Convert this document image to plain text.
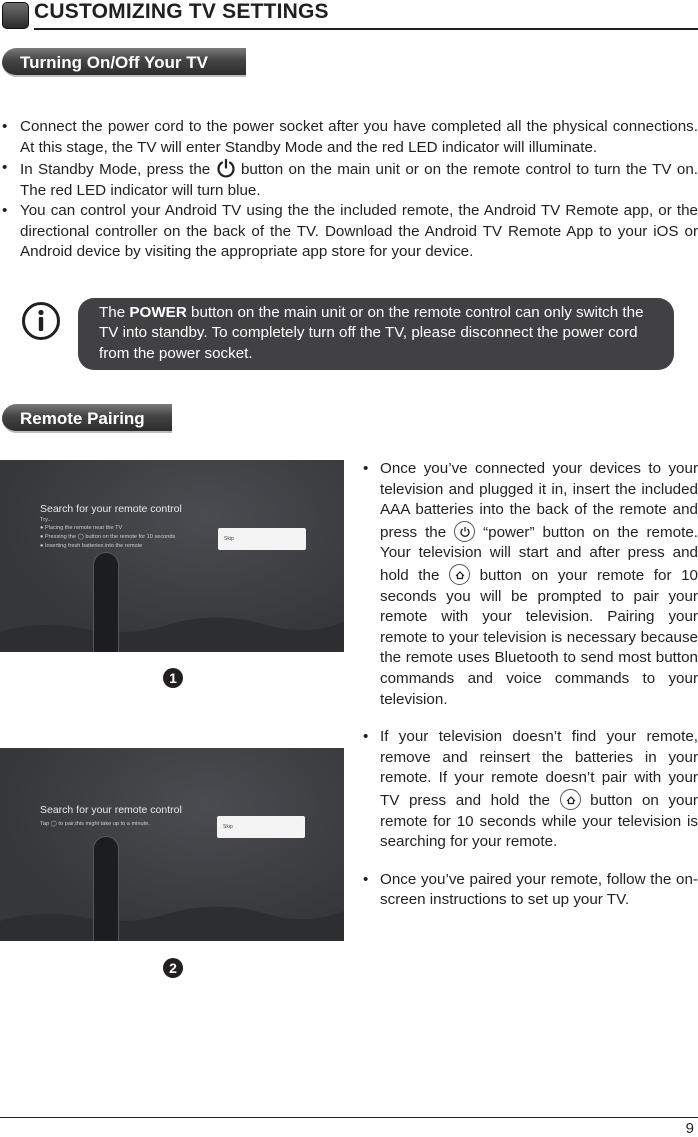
CUSTOMIZING TV SETTINGS
Turning On/Off Your TV
• Connect the power cord to the power socket after you have completed all the physical connections. At this stage, the TV will enter Standby Mode and the red LED indicator will illuminate.
• In Standby Mode, press the button on the main unit or on the remote control to turn the TV on. The red LED indicator will turn blue.
• You can control your Android TV using the the included remote, the Android TV Remote app, or the directional controller on the back of the TV. Download the Android TV Remote App to your iOS or Android device by visiting the appropriate app store for your device.
The POWER button on the main unit or on the remote control can only switch the TV into standby. To completely turn off the TV, please disconnect the power cord from the power socket.
Remote Pairing
Search for your remote control
Try...
● Placing the remote near the TV
● Pressing the ◯ button on the remote for 10 seconds
● Inserting fresh batteries into the remote
Skip
1
Search for your remote control
Tap ◯ to pair,this might take up to a minute.	Skip
2
• Once you’ve connected your devices to your television and plugged it in, insert the included AAA batteries into the back of the remote and press the “power” button on the remote. Your television will start and after press and hold the	button on your remote for 10 seconds you will be prompted to pair your remote with your television. Pairing your remote to your television is necessary because the remote uses Bluetooth to send most button commands and voice commands to your television.
• If your television doesn’t find your remote, remove and reinsert the batteries in your remote. If your remote doesn’t pair with your TV press and hold the	button on your remote for 10 seconds while your television is searching for your remote.
• Once you’ve paired your remote, follow the on-screen instructions to set up your TV.
9
